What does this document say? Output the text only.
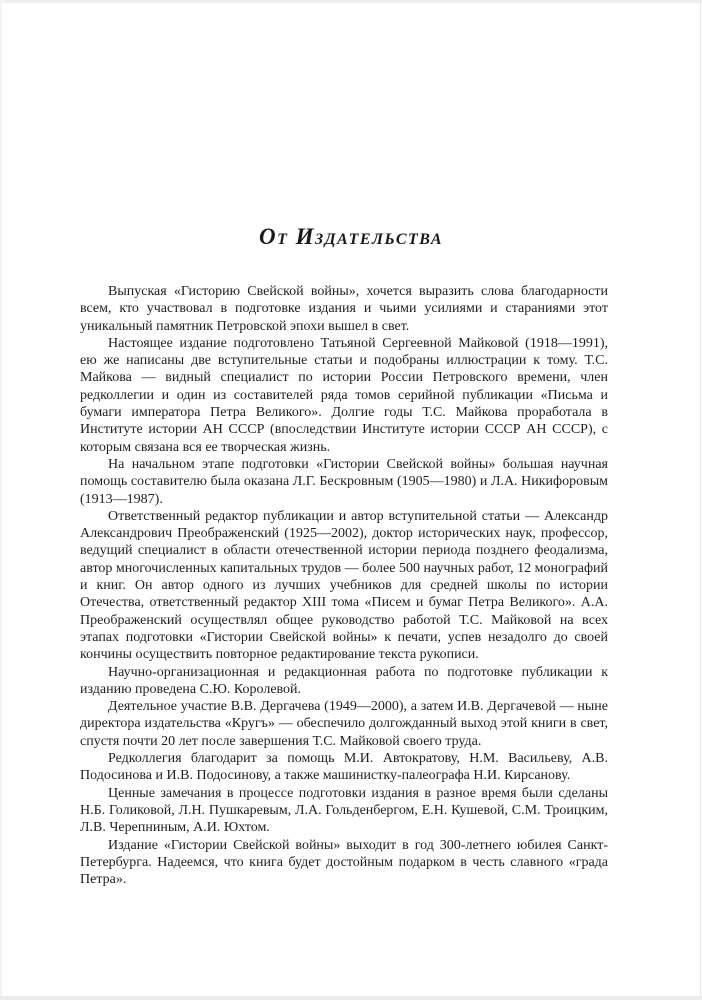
От Издательства

Выпуская «Гисторию Свейской войны», хочется выразить слова благодарности всем, кто участвовал в подготовке издания и чьими усилиями и стараниями этот уникальный памятник Петровской эпохи вышел в свет.

Настоящее издание подготовлено Татьяной Сергеевной Майковой (1918—1991), ею же написаны две вступительные статьи и подобраны иллюстрации к тому. Т.С. Майкова — видный специалист по истории России Петровского времени, член редколлегии и один из составителей ряда томов серийной публикации «Письма и бумаги императора Петра Великого». Долгие годы Т.С. Майкова проработала в Институте истории АН СССР (впоследствии Институте истории СССР АН СССР), с которым связана вся ее творческая жизнь.

На начальном этапе подготовки «Гистории Свейской войны» большая научная помощь составителю была оказана Л.Г. Бескровным (1905—1980) и Л.А. Никифоровым (1913—1987).

Ответственный редактор публикации и автор вступительной статьи — Александр Александрович Преображенский (1925—2002), доктор исторических наук, профессор, ведущий специалист в области отечественной истории периода позднего феодализма, автор многочисленных капитальных трудов — более 500 научных работ, 12 монографий и книг. Он автор одного из лучших учебников для средней школы по истории Отечества, ответственный редактор XIII тома «Писем и бумаг Петра Великого». А.А. Преображенский осуществлял общее руководство работой Т.С. Майковой на всех этапах подготовки «Гистории Свейской войны» к печати, успев незадолго до своей кончины осуществить повторное редактирование текста рукописи.

Научно-организационная и редакционная работа по подготовке публикации к изданию проведена С.Ю. Королевой.

Деятельное участие В.В. Дергачева (1949—2000), а затем И.В. Дергачевой — ныне директора издательства «Кругъ» — обеспечило долгожданный выход этой книги в свет, спустя почти 20 лет после завершения Т.С. Майковой своего труда.

Редколлегия благодарит за помощь М.И. Автократову, Н.М. Васильеву, А.В. Подосинова и И.В. Подосинову, а также машинистку-палеографа Н.И. Кирсанову.

Ценные замечания в процессе подготовки издания в разное время были сделаны Н.Б. Голиковой, Л.Н. Пушкаревым, Л.А. Гольденбергом, Е.Н. Кушевой, С.М. Троицким, Л.В. Черепниным, А.И. Юхтом.

Издание «Гистории Свейской войны» выходит в год 300-летнего юбилея Санкт-Петербурга. Надеемся, что книга будет достойным подарком в честь славного «града Петра».
